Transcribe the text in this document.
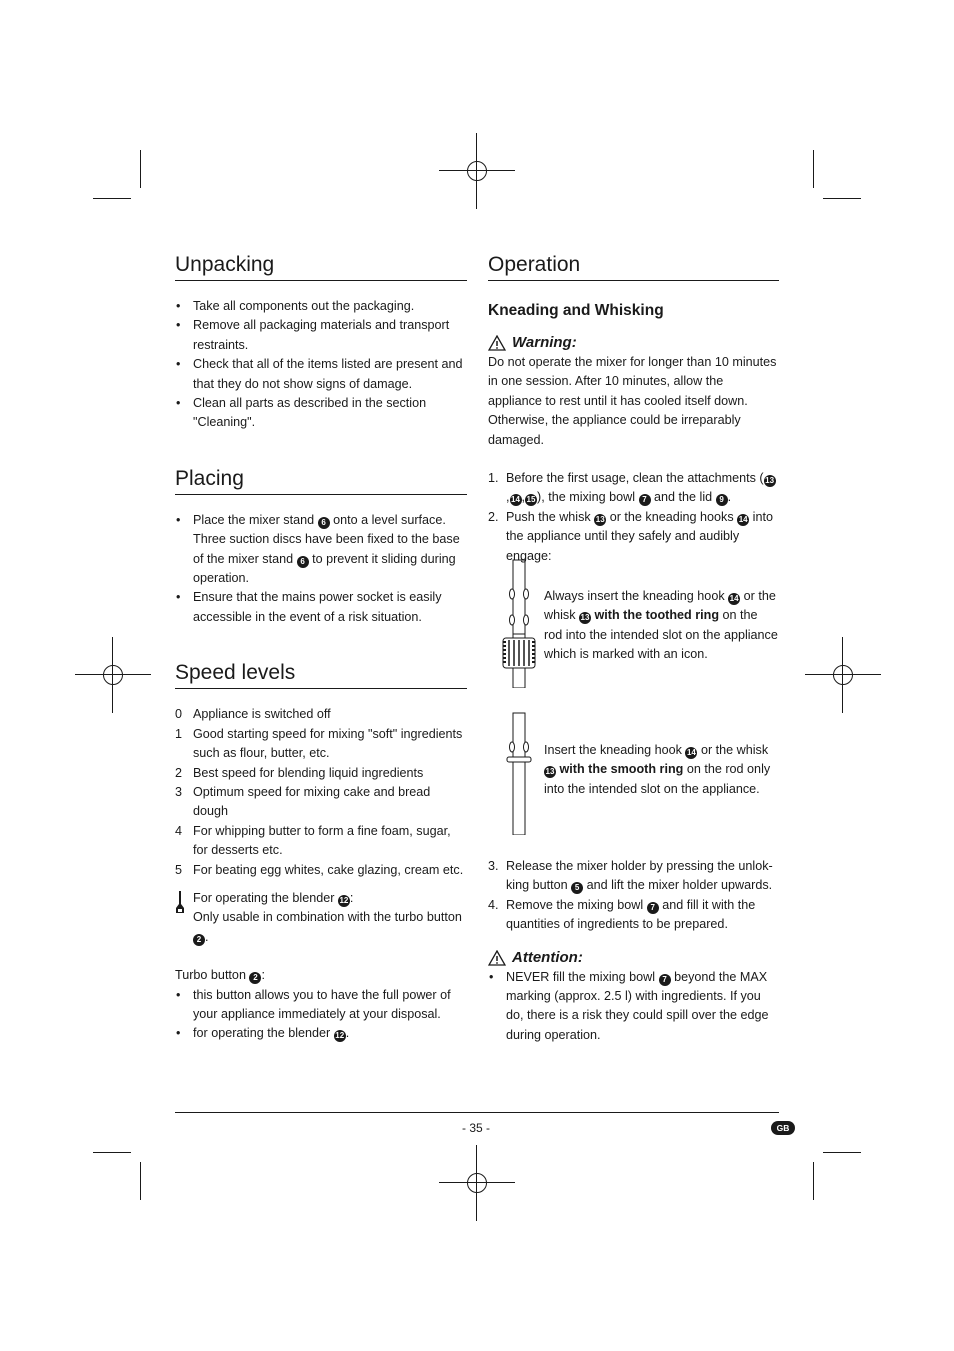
Unpacking
• Take all components out the packaging.
• Remove all packaging materials and transport restraints.
• Check that all of the items listed are present and that they do not show signs of damage.
• Clean all parts as described in the section "Cleaning".
Placing
• Place the mixer stand 6 onto a level surface. Three suction discs have been fixed to the base of the mixer stand 6 to prevent it sliding during operation.
• Ensure that the mains power socket is easily accessible in the event of a risk situation.
Speed levels
0 Appliance is switched off
1 Good starting speed for mixing "soft" ingredients such as flour, butter, etc.
2 Best speed for blending liquid ingredients
3 Optimum speed for mixing cake and bread dough
4 For whipping butter to form a fine foam, sugar, for desserts etc.
5 For beating egg whites, cake glazing, cream etc.
For operating the blender 12 :
Only usable in combination with the turbo button 2 .
Turbo button 2 :
• this button allows you to have the full power of your appliance immediately at your disposal.
• for operating the blender 12 .
Operation
Kneading and Whisking
Warning:
Do not operate the mixer for longer than 10 minutes in one session. After 10 minutes, allow the appliance to rest until it has cooled itself down. Otherwise, the appliance could be irreparably damaged.
1. Before the first usage, clean the attachments ( 13, 14 , 15 ), the mixing bowl 7 and the lid 9 .
2. Push the whisk 13 or the kneading hooks 14 into the appliance until they safely and audibly engage:
Always insert the kneading hook 14 or the whisk 13 with the toothed ring on the rod into the intended slot on the appliance which is marked with an icon.
Insert the kneading hook 14 or the whisk 13 with the smooth ring on the rod only into the intended slot on the appliance.
3. Release the mixer holder by pressing the unlok-king button 5 and lift the mixer holder upwards.
4. Remove the mixing bowl 7 and fill it with the quantities of ingredients to be prepared.
Attention:
• NEVER fill the mixing bowl 7 beyond the MAX marking (approx. 2.5 l) with ingredients. If you do, there is a risk they could spill over the edge during operation.
- 35 -	GB
